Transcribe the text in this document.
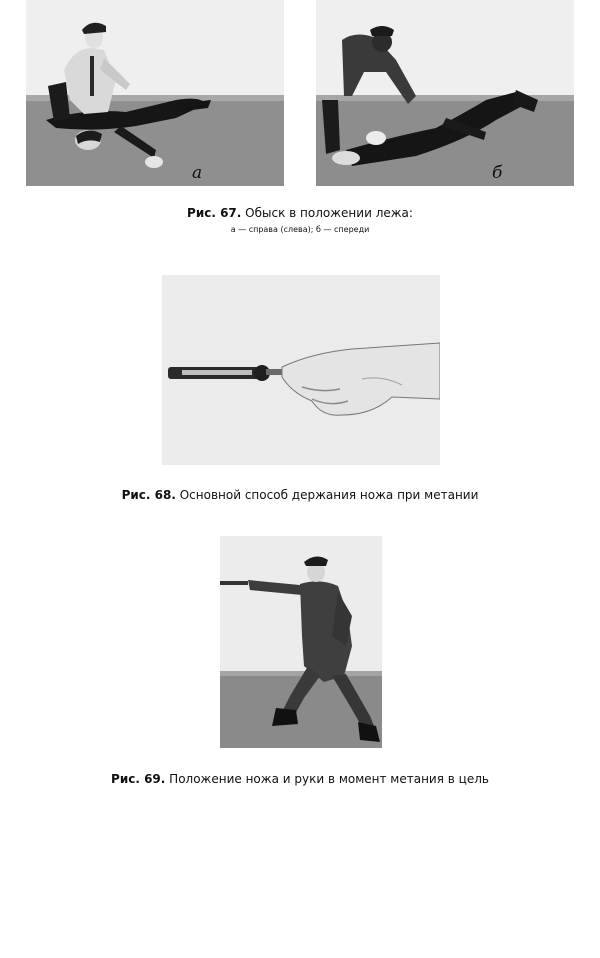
a	б
Рис. 67. Обыск в положении лежа:
а — справа (слева); б — спереди
Рис. 68. Основной способ держания ножа при метании
Рис. 69. Положение ножа и руки в момент метания в цель
